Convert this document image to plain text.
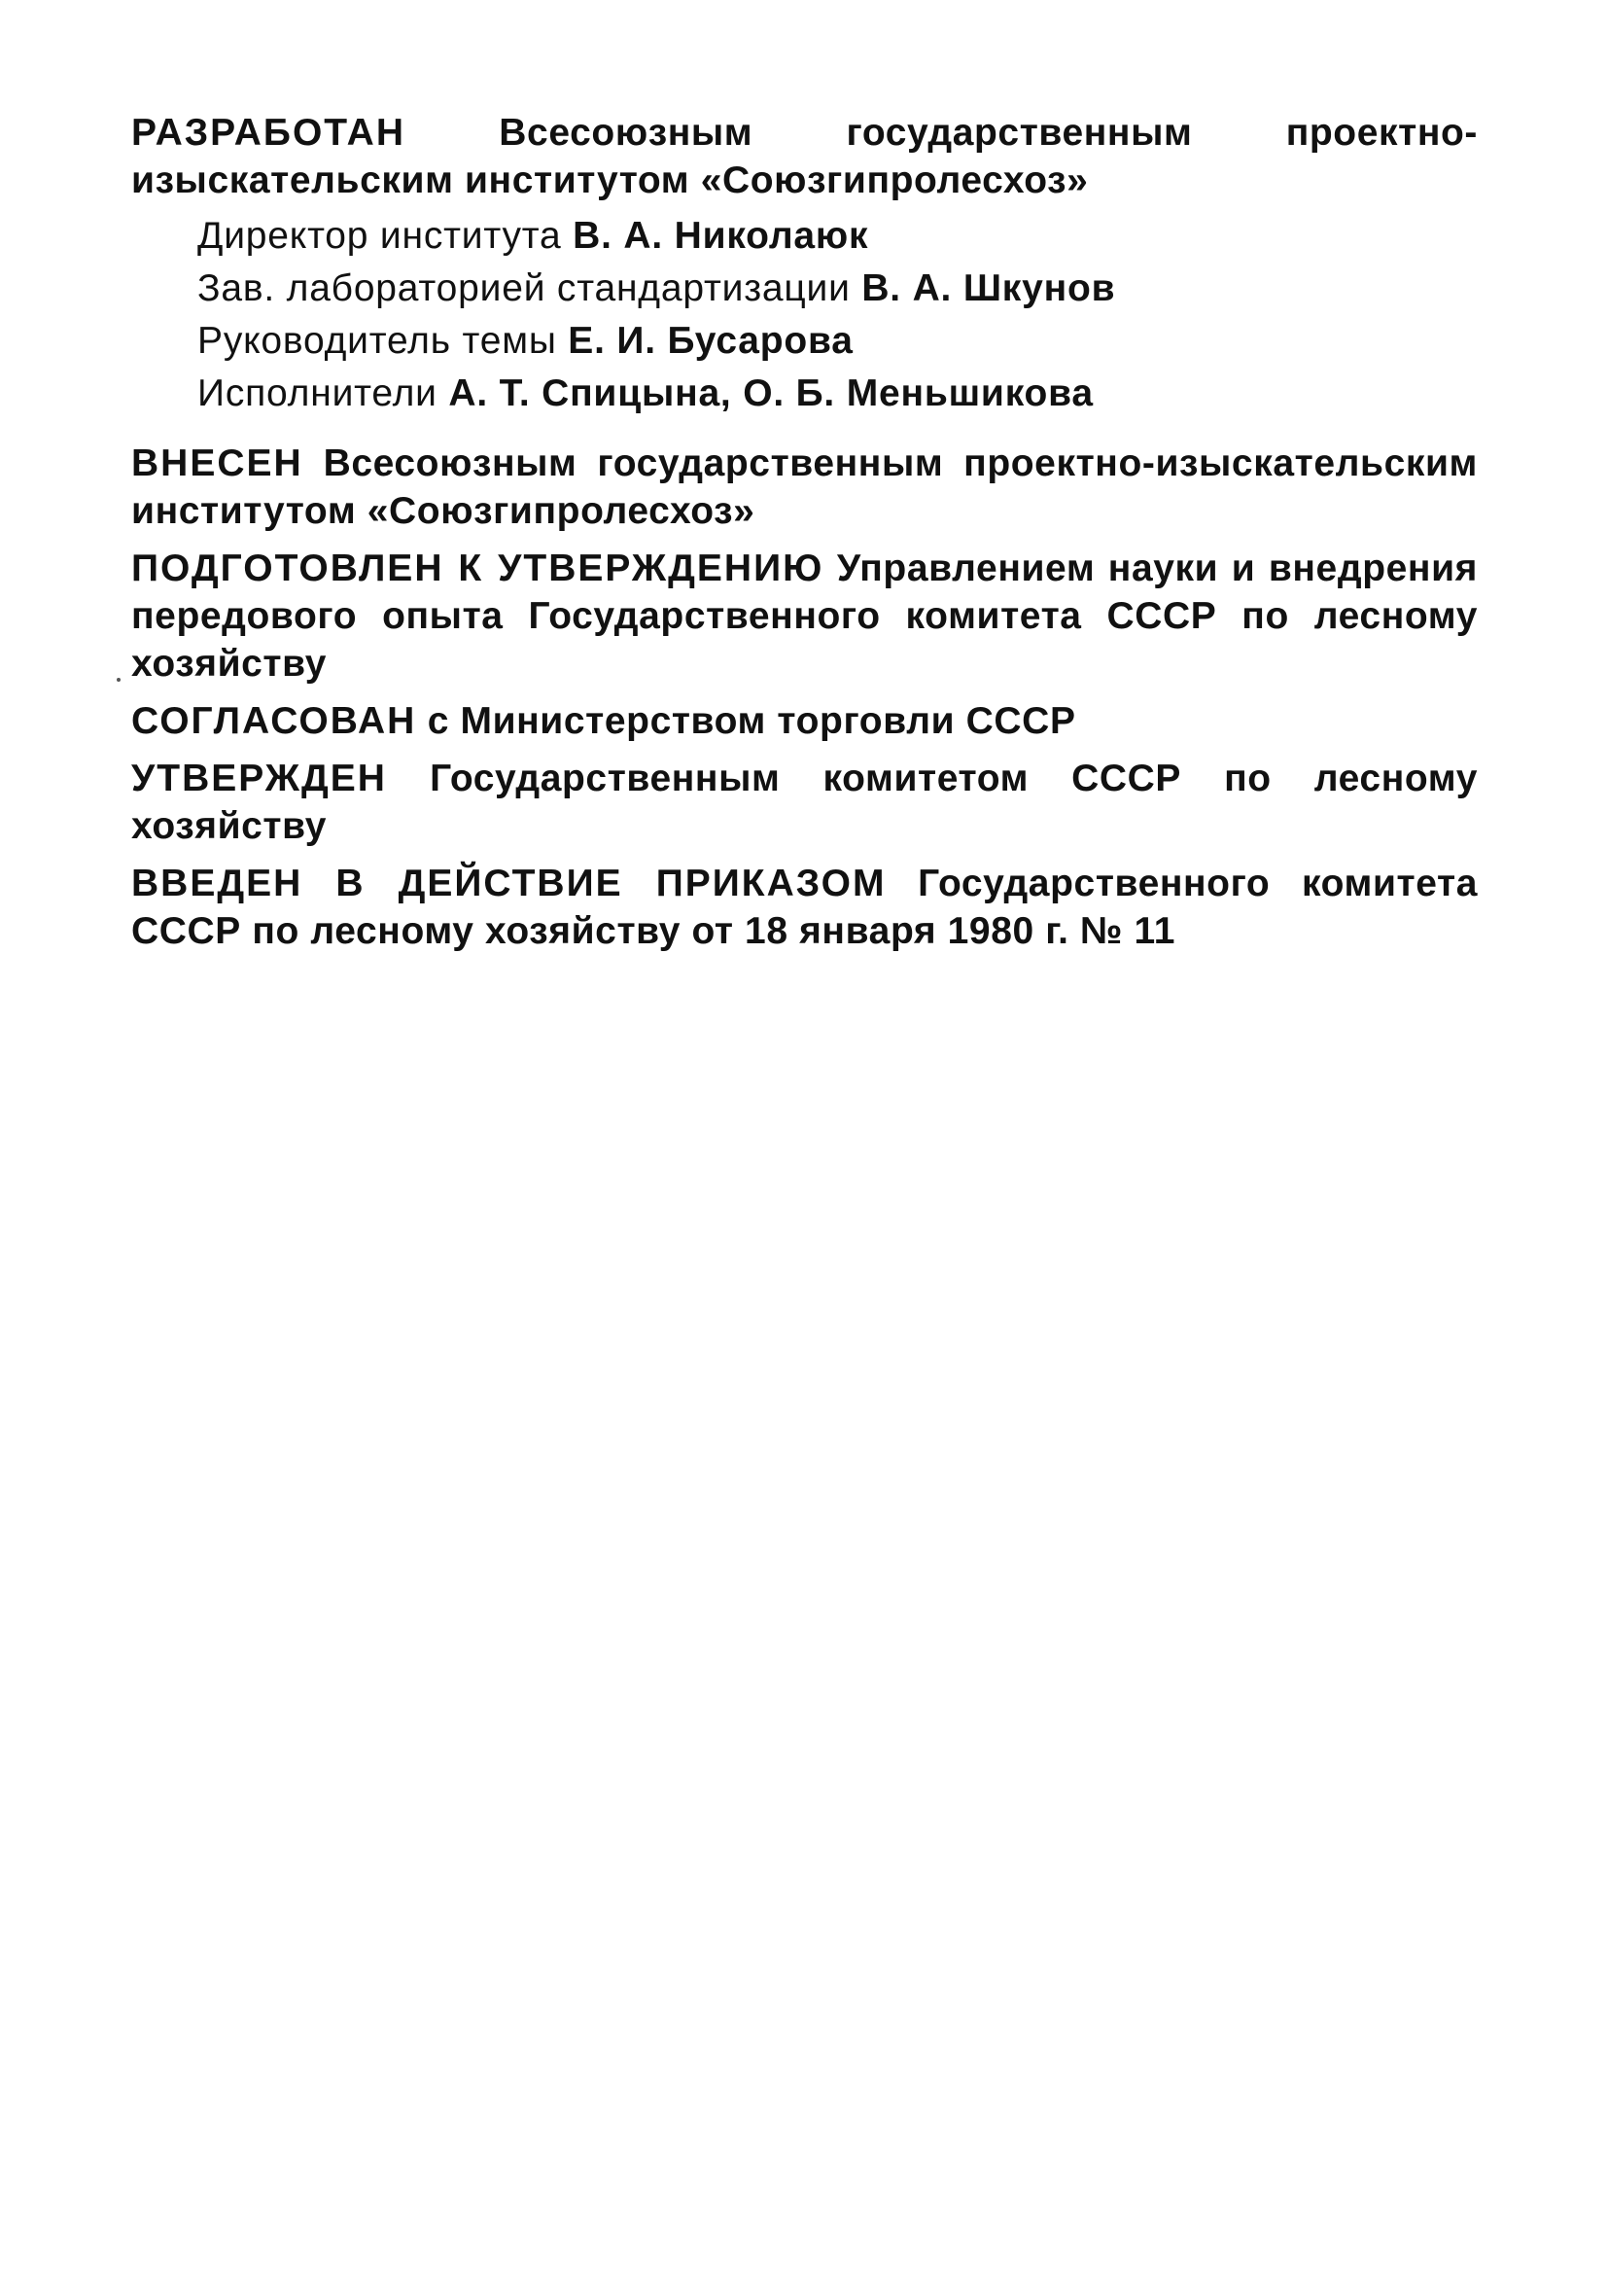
РАЗРАБОТАН Всесоюзным государственным проектно-изыскательским институтом «Союзгипролесхоз»

Директор института В. А. Николаюк
Зав. лабораторией стандартизации В. А. Шкунов
Руководитель темы Е. И. Бусарова
Исполнители А. Т. Спицына, О. Б. Меньшикова

ВНЕСЕН Всесоюзным государственным проектно-изыскательским институтом «Союзгипролесхоз»

ПОДГОТОВЛЕН К УТВЕРЖДЕНИЮ Управлением науки и внедрения передового опыта Государственного комитета СССР по лесному хозяйству

СОГЛАСОВАН с Министерством торговли СССР

УТВЕРЖДЕН Государственным комитетом СССР по лесному хозяйству

ВВЕДЕН В ДЕЙСТВИЕ ПРИКАЗОМ Государственного комитета СССР по лесному хозяйству от 18 января 1980 г. № 11
